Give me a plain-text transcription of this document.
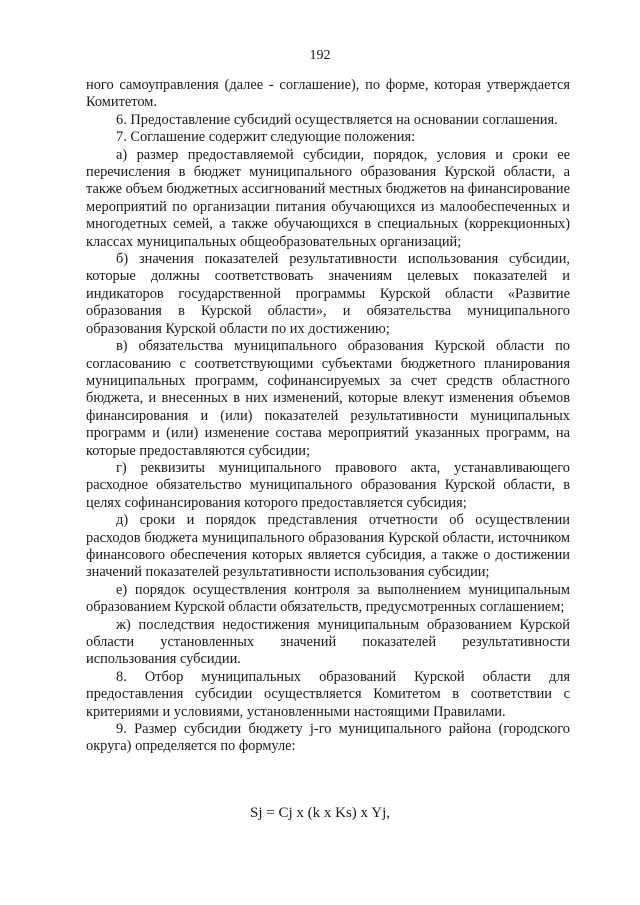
192

ного самоуправления (далее - соглашение), по форме, которая утверждается Комитетом.

6. Предоставление субсидий осуществляется на основании соглашения.

7. Соглашение содержит следующие положения:

а) размер предоставляемой субсидии, порядок, условия и сроки ее перечисления в бюджет муниципального образования Курской области, а также объем бюджетных ассигнований местных бюджетов на финансирование мероприятий по организации питания обучающихся из малообеспеченных и многодетных семей, а также обучающихся в специальных (коррекционных) классах муниципальных общеобразовательных организаций;

б) значения показателей результативности использования субсидии, которые должны соответствовать значениям целевых показателей и индикаторов государственной программы Курской области «Развитие образования в Курской области», и обязательства муниципального образования Курской области по их достижению;

в) обязательства муниципального образования Курской области по согласованию с соответствующими субъектами бюджетного планирования муниципальных программ, софинансируемых за счет средств областного бюджета, и внесенных в них изменений, которые влекут изменения объемов финансирования и (или) показателей результативности муниципальных программ и (или) изменение состава мероприятий указанных программ, на которые предоставляются субсидии;

г) реквизиты муниципального правового акта, устанавливающего расходное обязательство муниципального образования Курской области, в целях софинансирования которого предоставляется субсидия;

д) сроки и порядок представления отчетности об осуществлении расходов бюджета муниципального образования Курской области, источником финансового обеспечения которых является субсидия, а также о достижении значений показателей результативности использования субсидии;

е) порядок осуществления контроля за выполнением муниципальным образованием Курской области обязательств, предусмотренных соглашением;

ж) последствия недостижения муниципальным образованием Курской области установленных значений показателей результативности использования субсидии.

8. Отбор муниципальных образований Курской области для предоставления субсидии осуществляется Комитетом в соответствии с критериями и условиями, установленными настоящими Правилами.

9. Размер субсидии бюджету j-го муниципального района (городского округа) определяется по формуле:

Sj = Cj x (k x Ks) x Yj,
